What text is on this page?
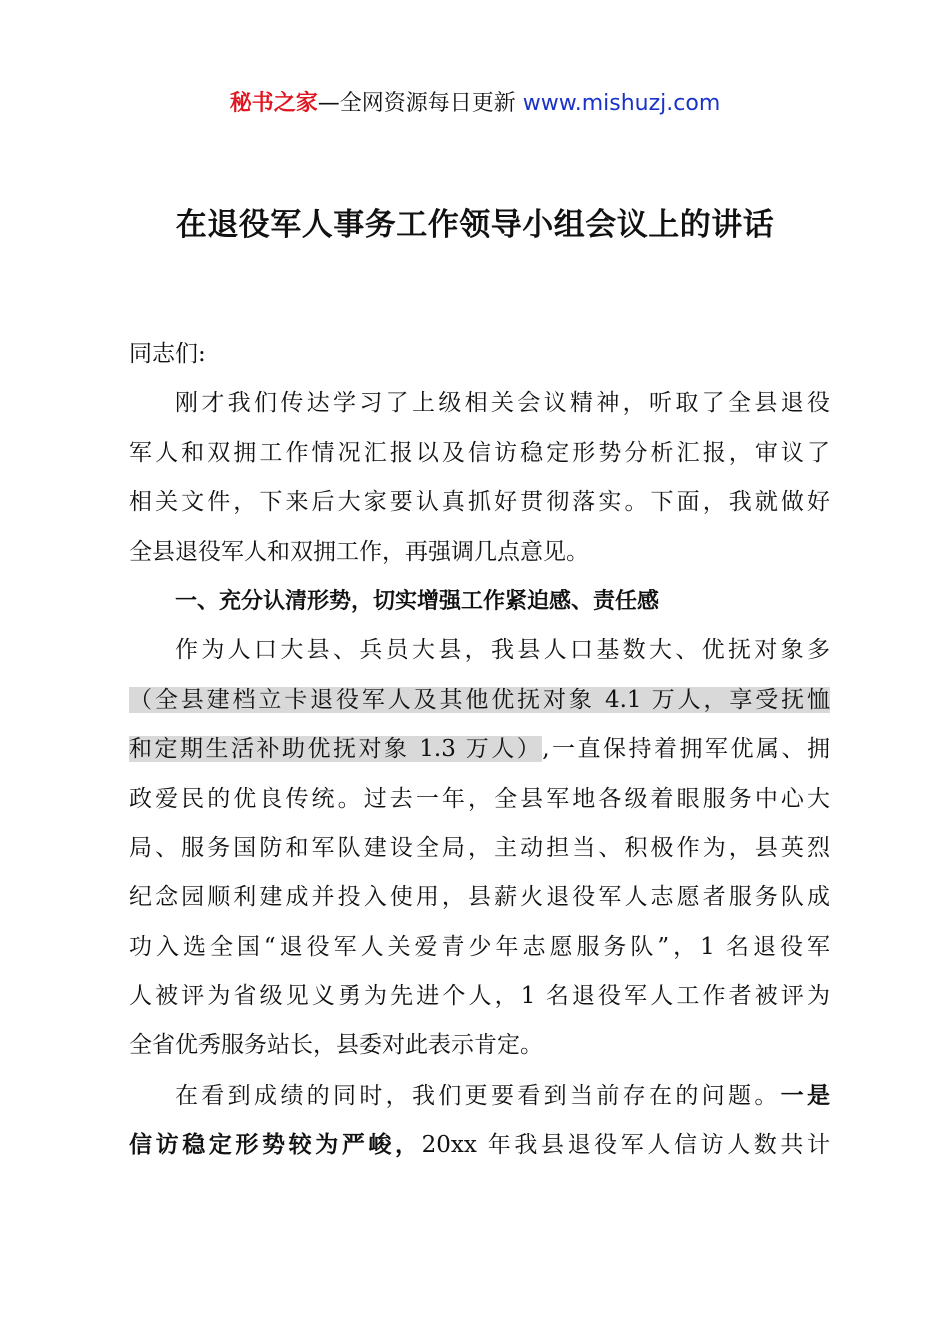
秘书之家—全网资源每日更新 www.mishuzj.com
在退役军人事务工作领导小组会议上的讲话
同志们:
刚才我们传达学习了上级相关会议精神，听取了全县退役
军人和双拥工作情况汇报以及信访稳定形势分析汇报，审议了
相关文件，下来后大家要认真抓好贯彻落实。下面，我就做好
全县退役军人和双拥工作，再强调几点意见。
一、充分认清形势，切实增强工作紧迫感、责任感
作为人口大县、兵员大县，我县人口基数大、优抚对象多
（全县建档立卡退役军人及其他优抚对象 4.1 万人，享受抚恤
和定期生活补助优抚对象 1.3 万人）,一直保持着拥军优属、拥
政爱民的优良传统。过去一年，全县军地各级着眼服务中心大
局、服务国防和军队建设全局，主动担当、积极作为，县英烈
纪念园顺利建成并投入使用，县薪火退役军人志愿者服务队成
功入选全国“退役军人关爱青少年志愿服务队”，1 名退役军
人被评为省级见义勇为先进个人，1 名退役军人工作者被评为
全省优秀服务站长，县委对此表示肯定。
在看到成绩的同时，我们更要看到当前存在的问题。一是
信访稳定形势较为严峻，20xx 年我县退役军人信访人数共计
